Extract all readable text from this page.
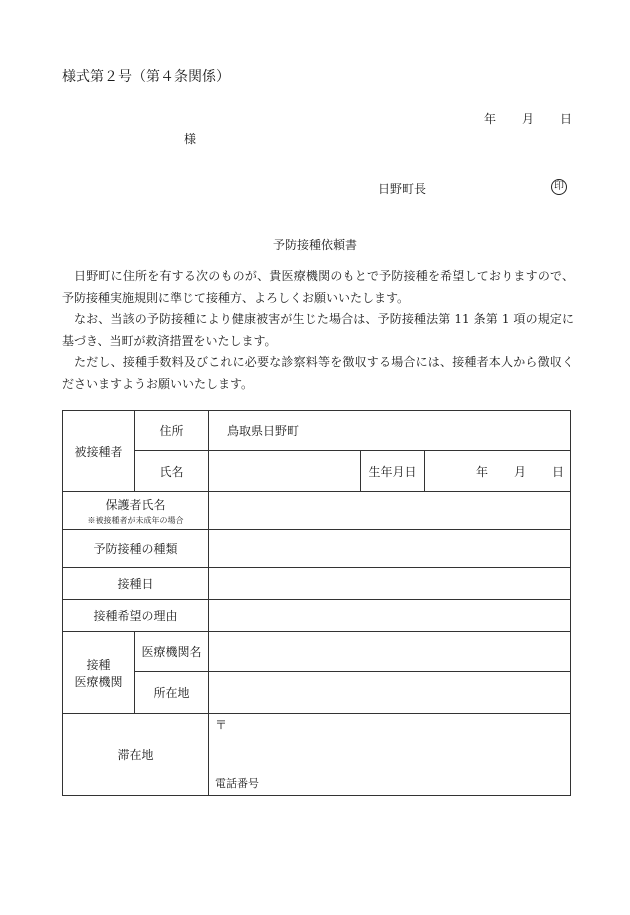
様式第２号（第４条関係）
年 月 日
様
日野町長	印
予防接種依頼書

日野町に住所を有する次のものが、貴医療機関のもとで予防接種を希望しておりますので、予防接種実施規則に準じて接種方、よろしくお願いいたします。

なお、当該の予防接種により健康被害が生じた場合は、予防接種法第 11 条第 1 項の規定に基づき、当町が救済措置をいたします。

ただし、接種手数料及びこれに必要な診察料等を徴収する場合には、接種者本人から徴収くださいますようお願いいたします。

被接種者	住所	鳥取県日野町		
	氏名		生年月日	年 月 日

保護者氏名
※被接種者が未成年の場合				

予防接種の種類				
接種日				
接種希望の理由				

接種
医療機関	医療機関名			
	所在地			
滞在地		〒
電話番号		
